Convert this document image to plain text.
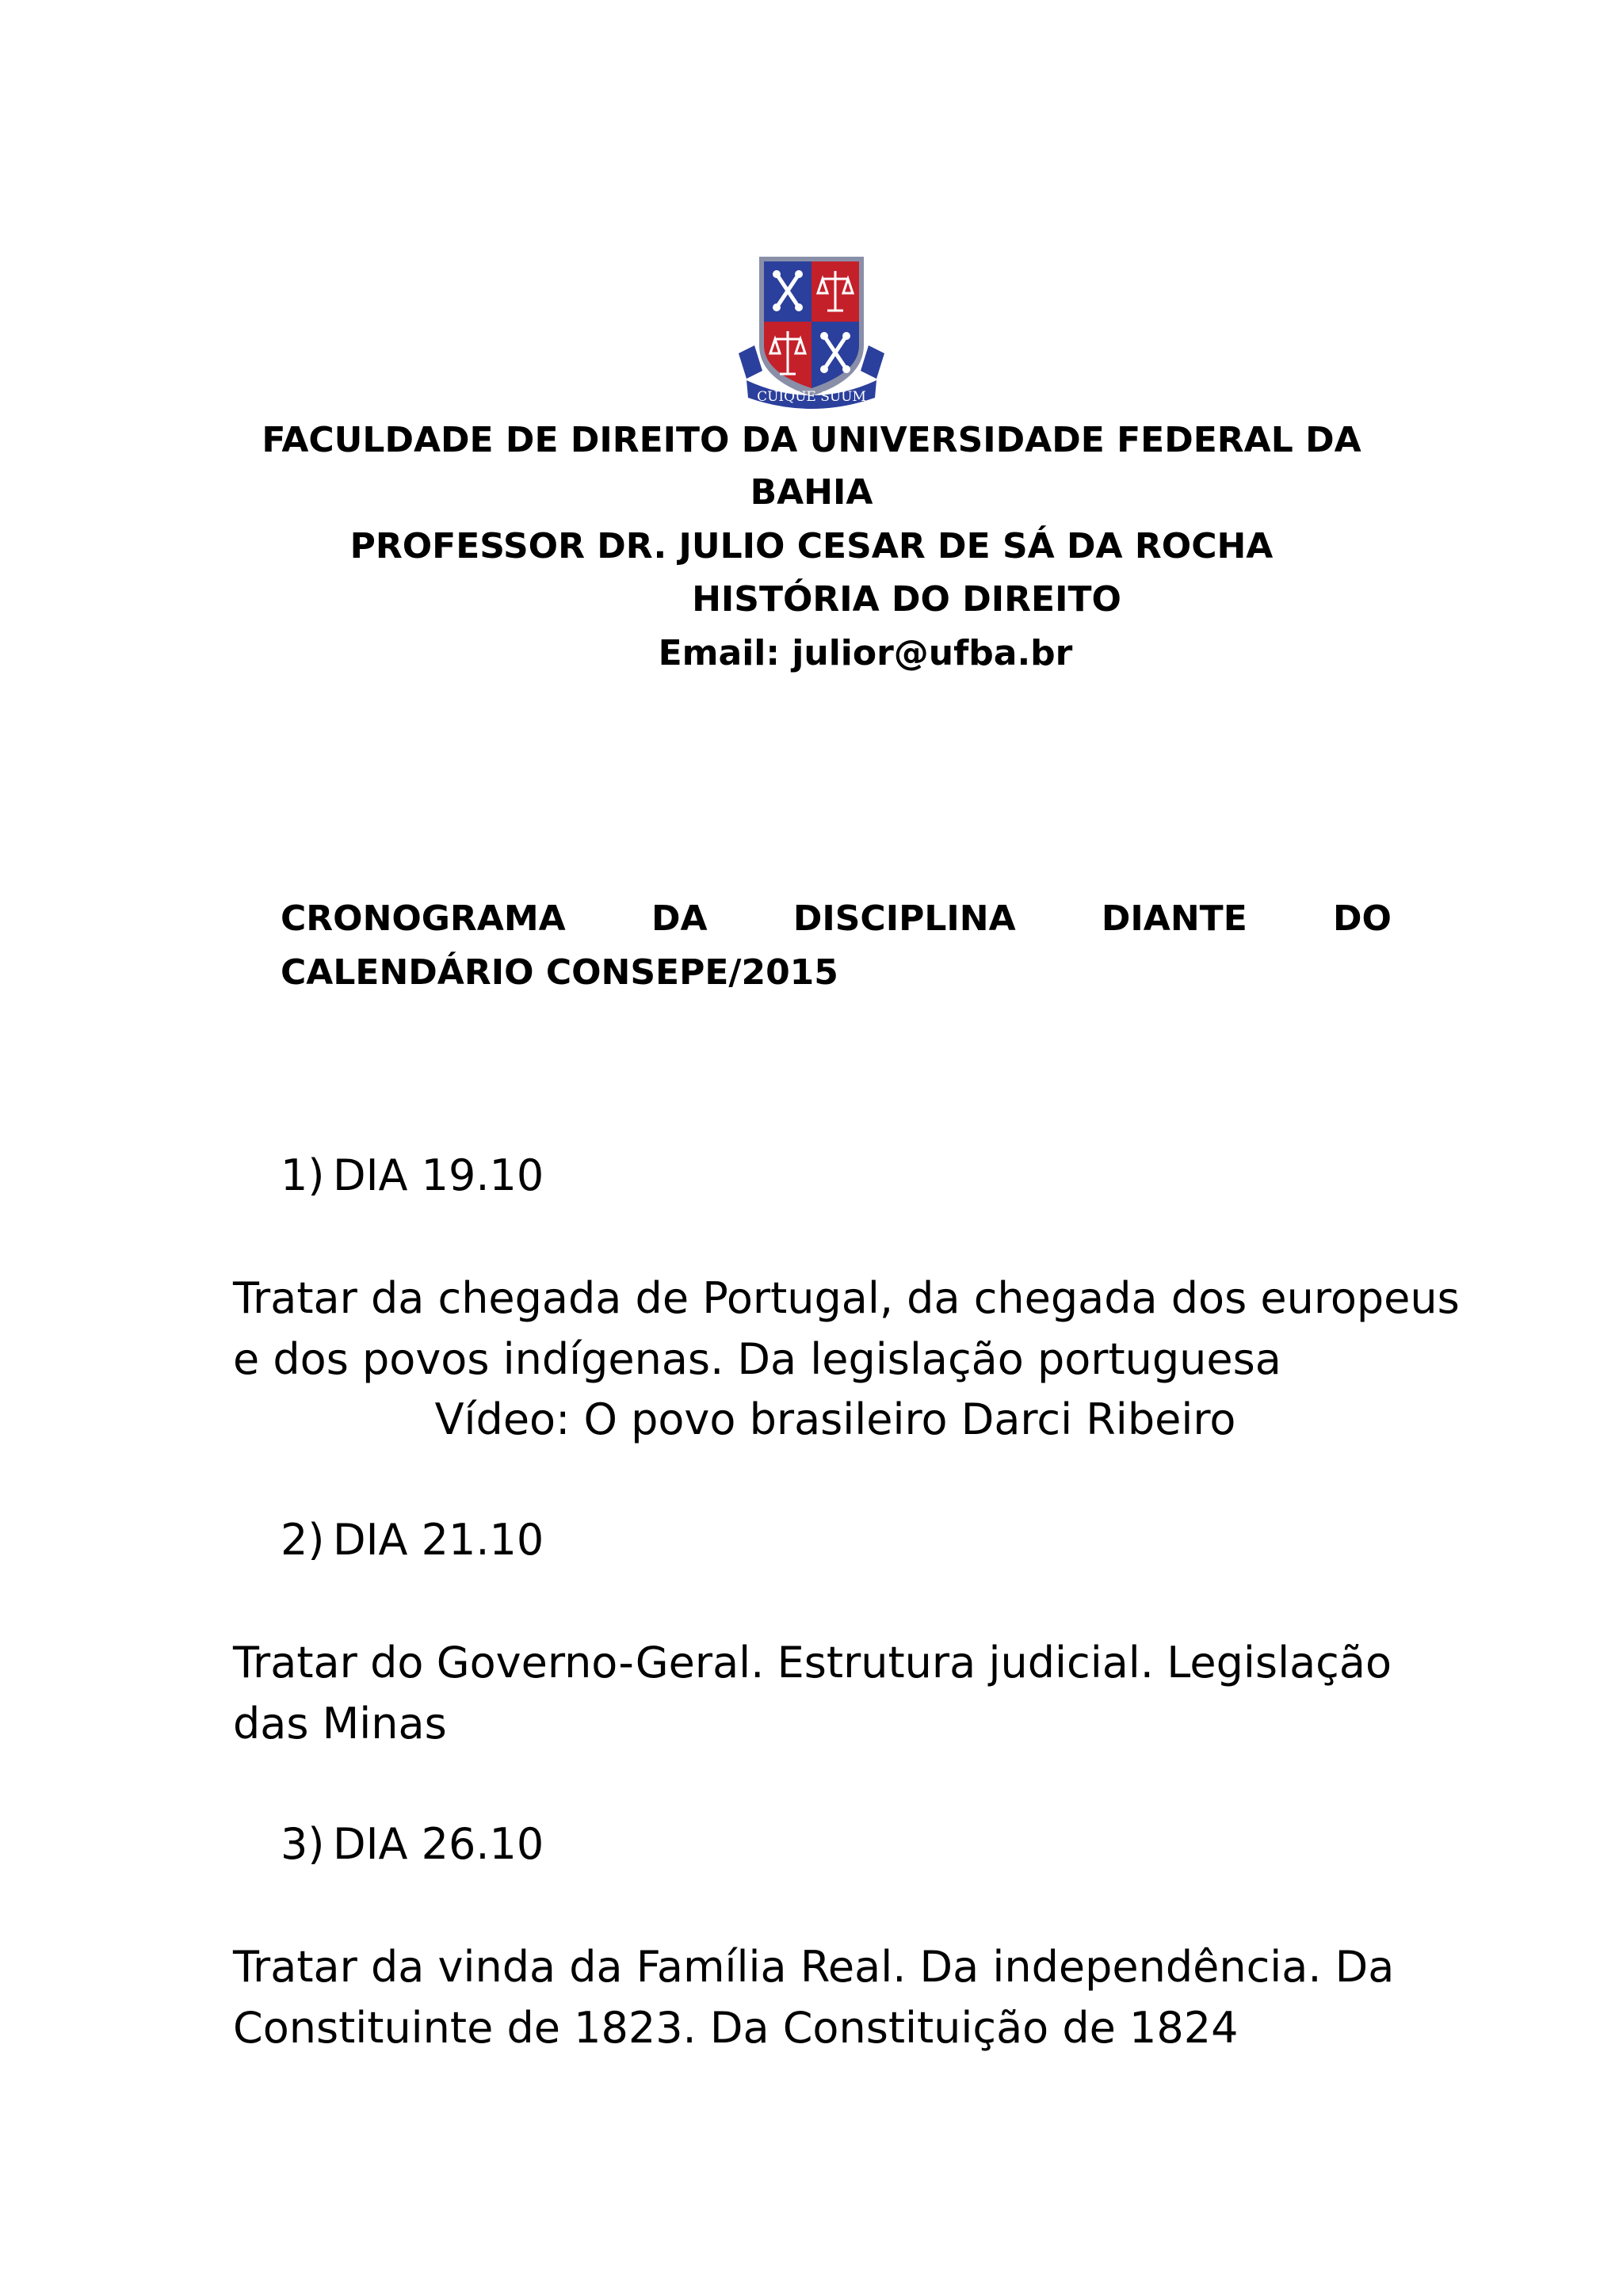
CUIQUE SUUM
FACULDADE DE DIREITO DA UNIVERSIDADE FEDERAL DA
BAHIA
PROFESSOR DR. JULIO CESAR DE SÁ DA ROCHA
HISTÓRIA DO DIREITO
Email: julior@ufba.br
CRONOGRAMA DA DISCIPLINA DIANTE DO
CALENDÁRIO CONSEPE/2015
1) DIA 19.10
Tratar da chegada de Portugal, da chegada dos europeus
e dos povos indígenas. Da legislação portuguesa
Vídeo: O povo brasileiro Darci Ribeiro
2) DIA 21.10
Tratar do Governo-Geral. Estrutura judicial. Legislação
das Minas
3) DIA 26.10
Tratar da vinda da Família Real. Da independência. Da
Constituinte de 1823. Da Constituição de 1824
